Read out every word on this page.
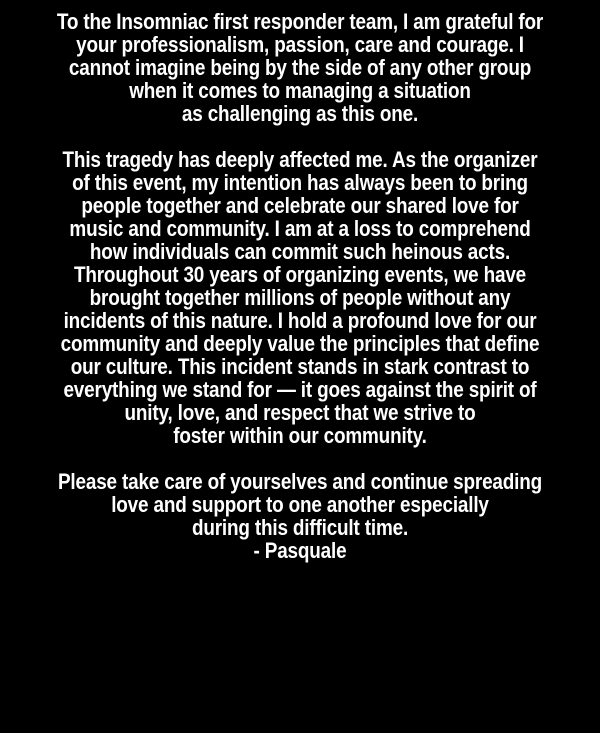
To the Insomniac first responder team, I am grateful for
your professionalism, passion, care and courage. I
cannot imagine being by the side of any other group
when it comes to managing a situation
as challenging as this one.
This tragedy has deeply affected me. As the organizer
of this event, my intention has always been to bring
people together and celebrate our shared love for
music and community. I am at a loss to comprehend
how individuals can commit such heinous acts.
Throughout 30 years of organizing events, we have
brought together millions of people without any
incidents of this nature. I hold a profound love for our
community and deeply value the principles that define
our culture. This incident stands in stark contrast to
everything we stand for — it goes against the spirit of
unity, love, and respect that we strive to
foster within our community.
Please take care of yourselves and continue spreading
love and support to one another especially
during this difficult time.
- Pasquale
